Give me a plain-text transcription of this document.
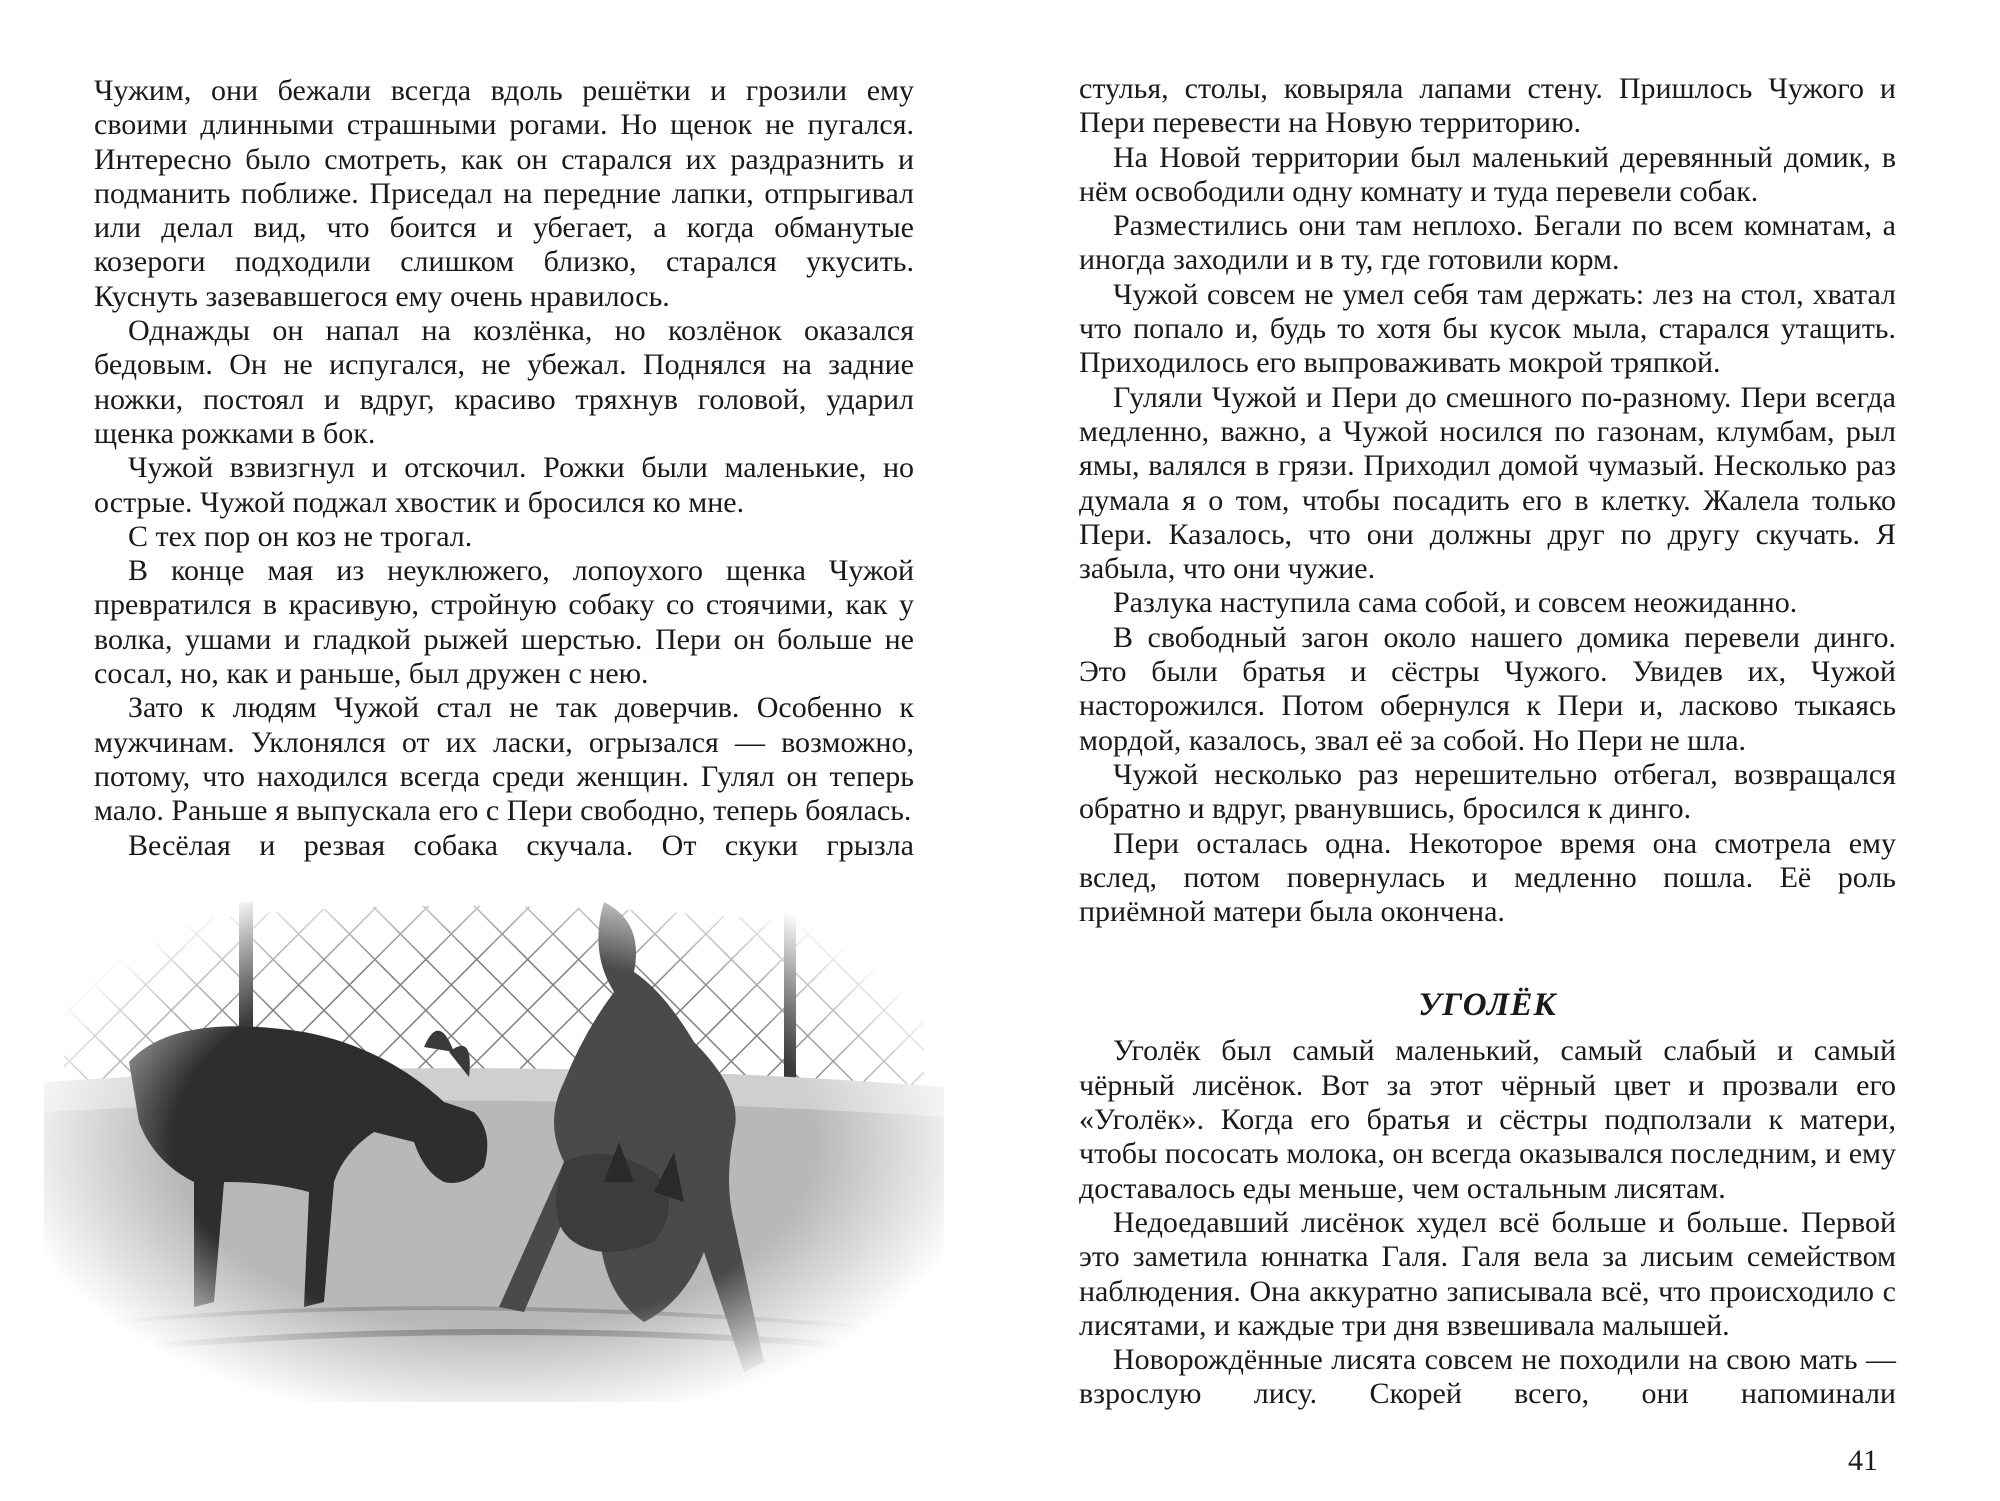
Чужим, они бежали всегда вдоль решётки и грозили ему своими длинными страшными рогами. Но щенок не пугался. Интересно было смотреть, как он старался их раздразнить и подманить поближе. Приседал на передние лапки, отпрыгивал или делал вид, что боится и убегает, а когда обманутые козероги подходили слишком близко, старался укусить. Куснуть зазевавшегося ему очень нравилось.

Однажды он напал на козлёнка, но козлёнок оказался бедовым. Он не испугался, не убежал. Поднялся на задние ножки, постоял и вдруг, красиво тряхнув головой, ударил щенка рожками в бок.

Чужой взвизгнул и отскочил. Рожки были маленькие, но острые. Чужой поджал хвостик и бросился ко мне.

С тех пор он коз не трогал.

В конце мая из неуклюжего, лопоухого щенка Чужой превратился в красивую, стройную собаку со стоячими, как у волка, ушами и гладкой рыжей шерстью. Пери он больше не сосал, но, как и раньше, был дружен с нею.

Зато к людям Чужой стал не так доверчив. Особенно к мужчинам. Уклонялся от их ласки, огрызался — возможно, потому, что находился всегда среди женщин. Гулял он теперь мало. Раньше я выпускала его с Пери свободно, теперь боялась.

Весёлая и резвая собака скучала. От скуки грызла

стулья, столы, ковыряла лапами стену. Пришлось Чужого и Пери перевести на Новую территорию.

На Новой территории был маленький деревянный домик, в нём освободили одну комнату и туда перевели собак.

Разместились они там неплохо. Бегали по всем комнатам, а иногда заходили и в ту, где готовили корм.

Чужой совсем не умел себя там держать: лез на стол, хватал что попало и, будь то хотя бы кусок мыла, старался утащить. Приходилось его выпроваживать мокрой тряпкой.

Гуляли Чужой и Пери до смешного по-разному. Пери всегда медленно, важно, а Чужой носился по газонам, клумбам, рыл ямы, валялся в грязи. Приходил домой чумазый. Несколько раз думала я о том, чтобы посадить его в клетку. Жалела только Пери. Казалось, что они должны друг по другу скучать. Я забыла, что они чужие.

Разлука наступила сама собой, и совсем неожиданно.

В свободный загон около нашего домика перевели динго. Это были братья и сёстры Чужого. Увидев их, Чужой насторожился. Потом обернулся к Пери и, ласково тыкаясь мордой, казалось, звал её за собой. Но Пери не шла.

Чужой несколько раз нерешительно отбегал, возвращался обратно и вдруг, рванувшись, бросился к динго.

Пери осталась одна. Некоторое время она смотрела ему вслед, потом повернулась и медленно пошла. Её роль приёмной матери была окончена.

УГОЛЁК

Уголёк был самый маленький, самый слабый и самый чёрный лисёнок. Вот за этот чёрный цвет и прозвали его «Уголёк». Когда его братья и сёстры подползали к матери, чтобы пососать молока, он всегда оказывался последним, и ему доставалось еды меньше, чем остальным лисятам.

Недоедавший лисёнок худел всё больше и больше. Первой это заметила юннатка Галя. Галя вела за лисьим семейством наблюдения. Она аккуратно записывала всё, что происходило с лисятами, и каждые три дня взвешивала малышей.

Новорождённые лисята совсем не походили на свою мать — взрослую лису. Скорей всего, они напоминали

41
